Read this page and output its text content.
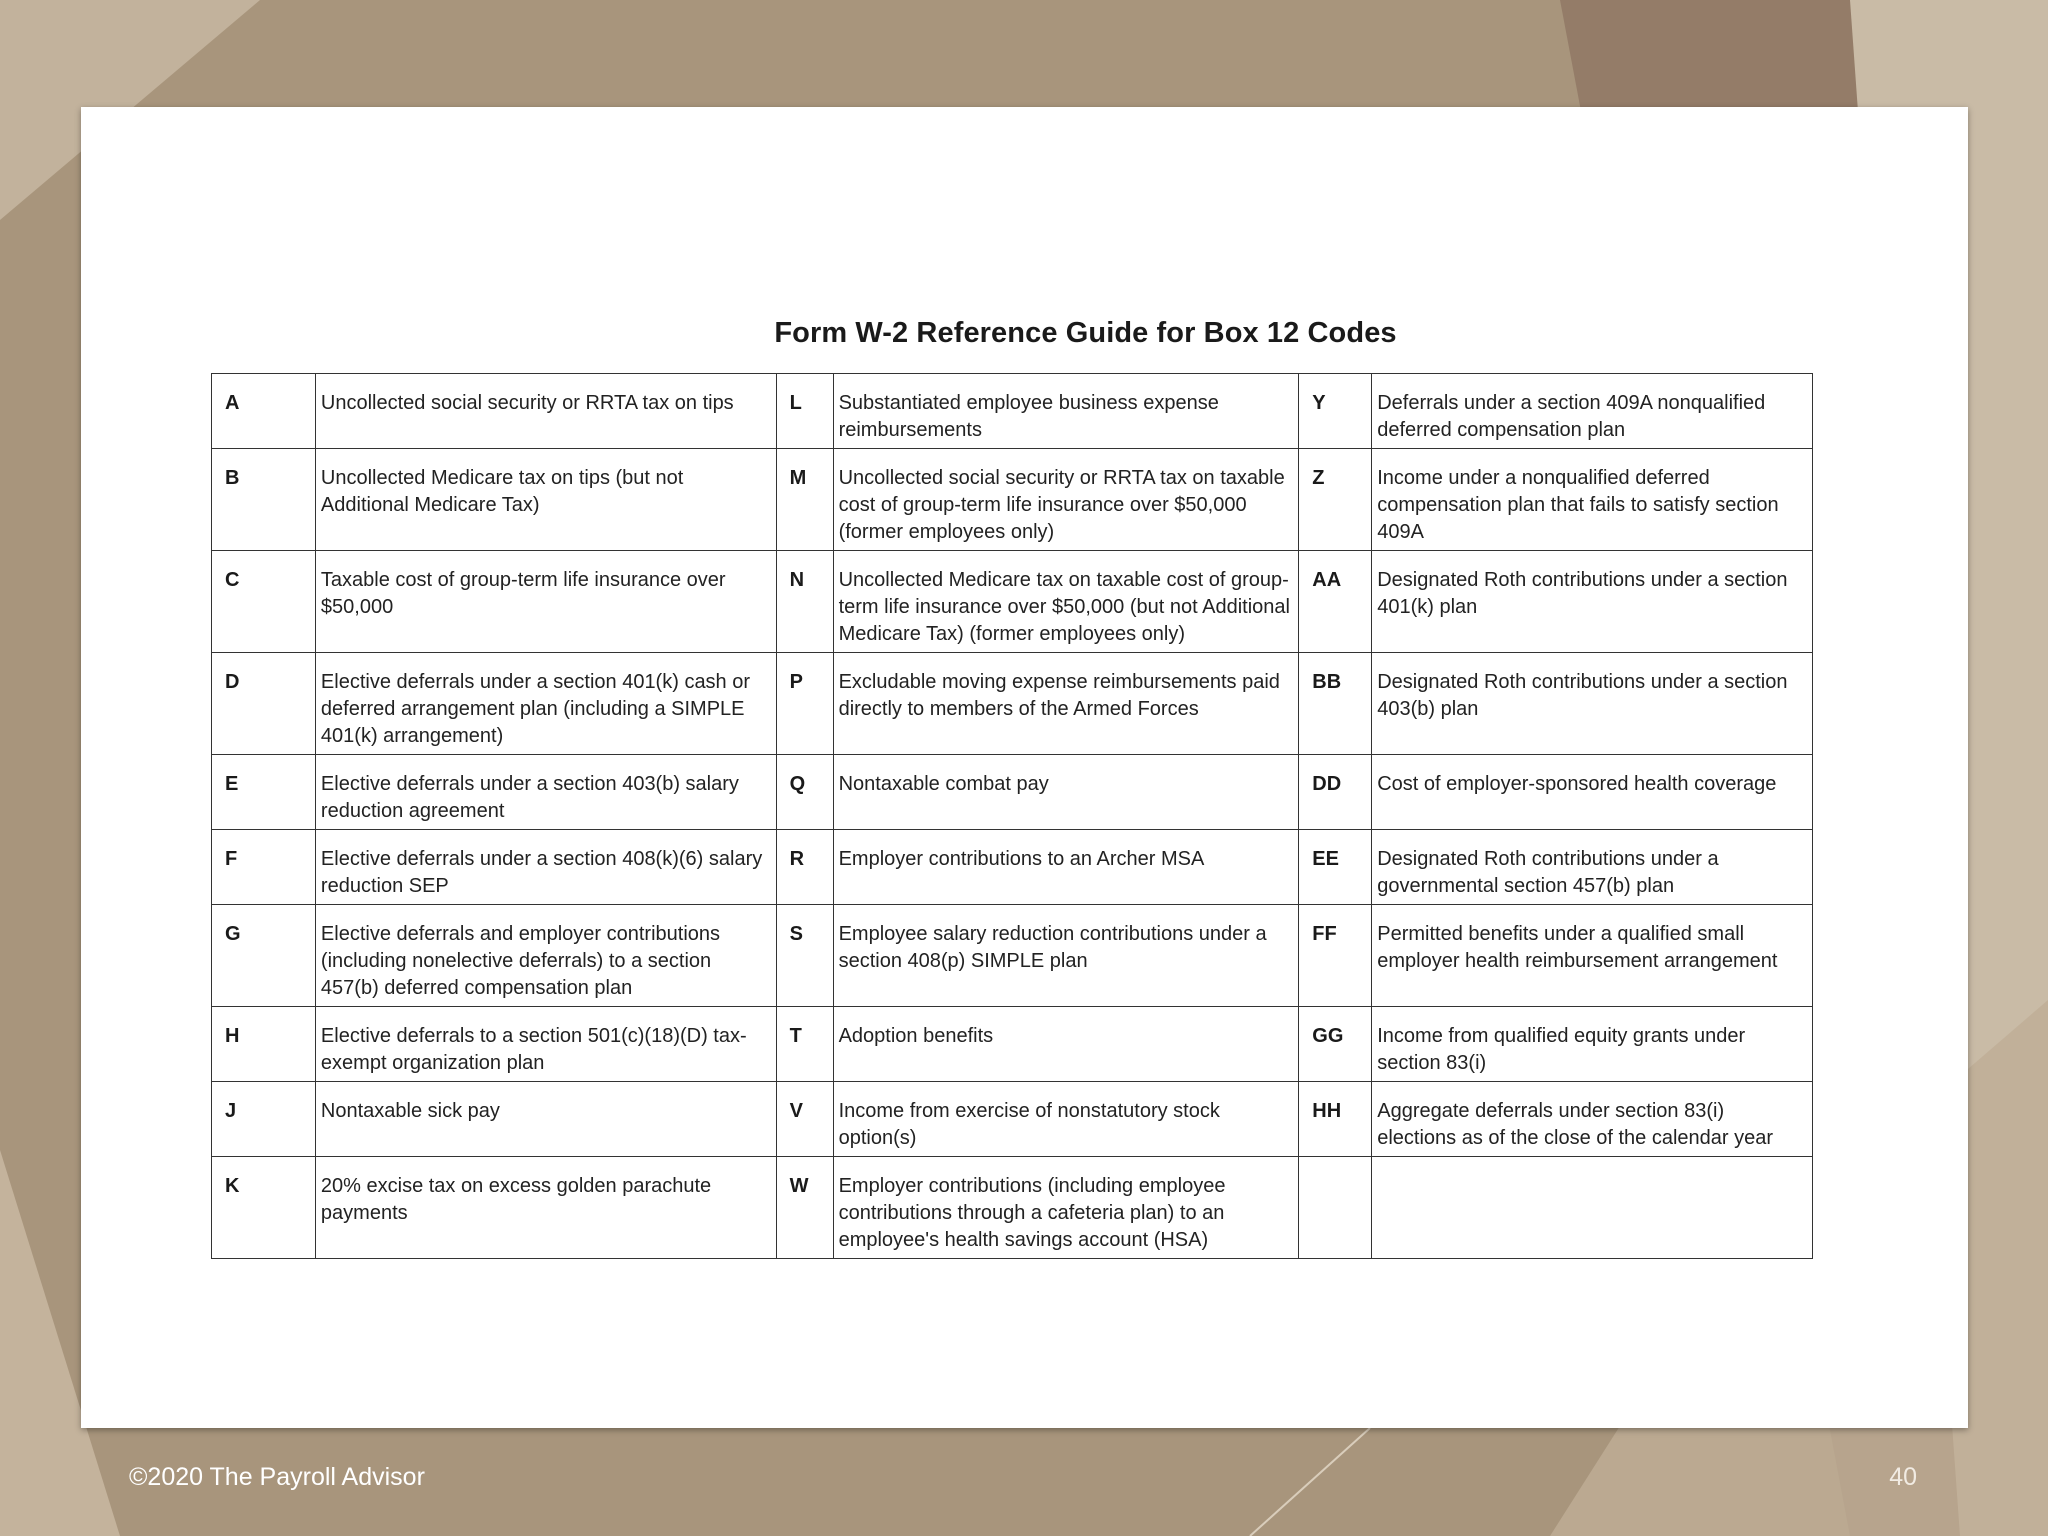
Form W-2 Reference Guide for Box 12 Codes
A	Uncollected social security or RRTA tax on tips	L	Substantiated employee business expense reimbursements	Y	Deferrals under a section 409A nonqualified deferred compensation plan
B	Uncollected Medicare tax on tips (but not Additional Medicare Tax)	M	Uncollected social security or RRTA tax on taxable cost of group-term life insurance over $50,000 (former employees only)	Z	Income under a nonqualified deferred compensation plan that fails to satisfy section 409A
C	Taxable cost of group-term life insurance over $50,000	N	Uncollected Medicare tax on taxable cost of group-term life insurance over $50,000 (but not Additional Medicare Tax) (former employees only)	AA	Designated Roth contributions under a section 401(k) plan
D	Elective deferrals under a section 401(k) cash or deferred arrangement plan (including a SIMPLE 401(k) arrangement)	P	Excludable moving expense reimbursements paid directly to members of the Armed Forces	BB	Designated Roth contributions under a section 403(b) plan
E	Elective deferrals under a section 403(b) salary reduction agreement	Q	Nontaxable combat pay	DD	Cost of employer-sponsored health coverage
F	Elective deferrals under a section 408(k)(6) salary reduction SEP	R	Employer contributions to an Archer MSA	EE	Designated Roth contributions under a governmental section 457(b) plan
G	Elective deferrals and employer contributions (including nonelective deferrals) to a section 457(b) deferred compensation plan	S	Employee salary reduction contributions under a section 408(p) SIMPLE plan	FF	Permitted benefits under a qualified small employer health reimbursement arrangement
H	Elective deferrals to a section 501(c)(18)(D) tax-exempt organization plan	T	Adoption benefits	GG	Income from qualified equity grants under section 83(i)
J	Nontaxable sick pay	V	Income from exercise of nonstatutory stock option(s)	HH	Aggregate deferrals under section 83(i) elections as of the close of the calendar year
K	20% excise tax on excess golden parachute payments	W	Employer contributions (including employee contributions through a cafeteria plan) to an employee's health savings account (HSA)		
©2020 The Payroll Advisor	40
